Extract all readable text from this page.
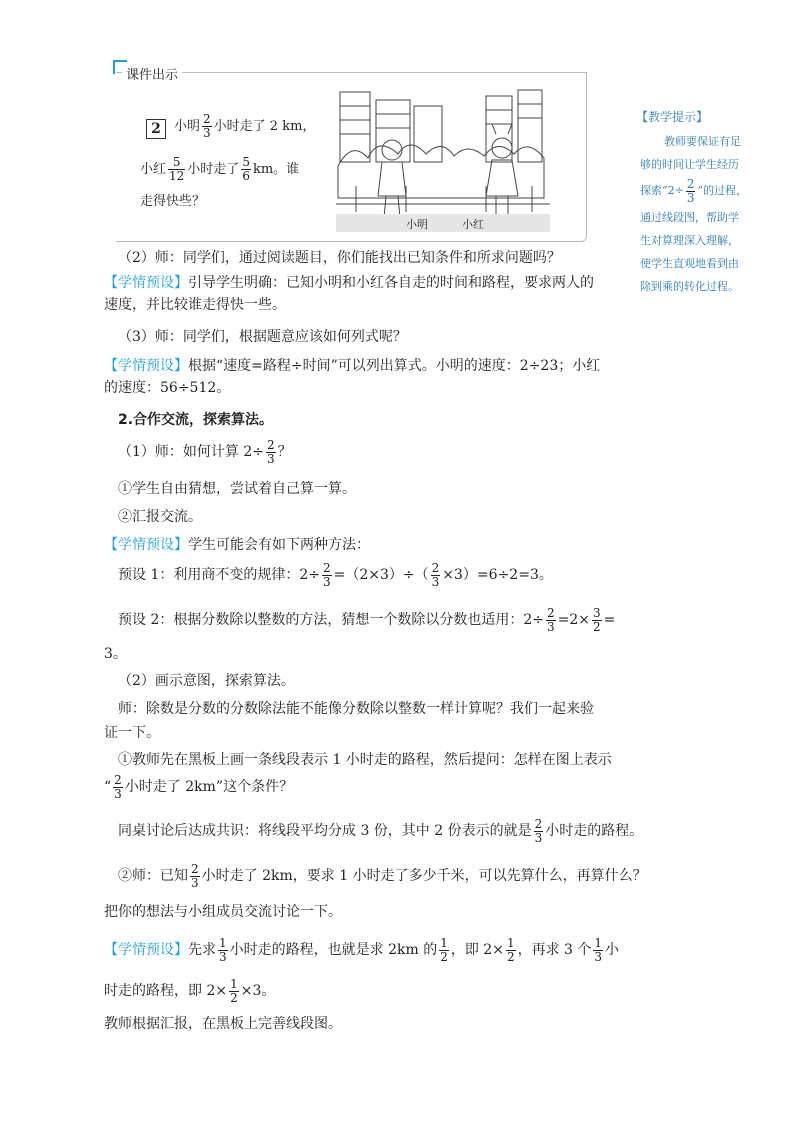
课件出示
2	小明 $\frac{2}{3}$ 小时走了 2 km，
小红 $\frac{5}{12}$ 小时走了 $\frac{5}{6}$ km。谁
走得快些？
小明	小红
【教学提示】
教师要保证有足
够的时间让学生经历
探索“$2\div \frac{2}{3}$ ”的过程，
通过线段图，帮助学
生对算理深入理解，
使学生直观地看到由
除到乘的转化过程。
（2）师：同学们，通过阅读题目，你们能找出已知条件和所求问题吗？
【学情预设】引导学生明确：已知小明和小红各自走的时间和路程，要求两人的速度，并比较谁走得快一些。
（3）师：同学们，根据题意应该如何列式呢？
【学情预设】根据“速度=路程÷时间”可以列出算式。小明的速度：2÷23；小红的速度：56÷512。
2.合作交流，探索算法。
（1）师：如何计算 $2\div \frac{2}{3}$ ？
①学生自由猜想，尝试着自己算一算。
②汇报交流。
【学情预设】学生可能会有如下两种方法：
预设 1：利用商不变的规律：$2\div \frac{2}{3} =(2\times 3)\div( \frac{2}{3} \times 3)=6\div 2=3$。
预设 2：根据分数除以整数的方法，猜想一个数除以分数也适用：$2\div \frac{2}{3} =2\times \frac{3}{2}$ =
3。
（2）画示意图，探索算法。
师：除数是分数的分数除法能不能像分数除以整数一样计算呢？我们一起来验证一下。
①教师先在黑板上画一条线段表示 1 小时走的路程，然后提问：怎样在图上表示
“ $\frac{2}{3}$ 小时走了 2km”这个条件？
同桌讨论后达成共识：将线段平均分成 3 份，其中 2 份表示的就是 $\frac{2}{3}$ 小时走的路程。
②师：已知 $\frac{2}{3}$ 小时走了 2km，要求 1 小时走了多少千米，可以先算什么，再算什么？
把你的想法与小组成员交流讨论一下。
【学情预设】先求 $\frac{1}{3}$ 小时走的路程，也就是求 2km 的 $\frac{1}{2}$ ，即 $2\times \frac{1}{2}$ ，再求 3 个 $\frac{1}{3}$ 小
时走的路程，即 $2\times \frac{1}{2} \times 3$。
教师根据汇报，在黑板上完善线段图。
